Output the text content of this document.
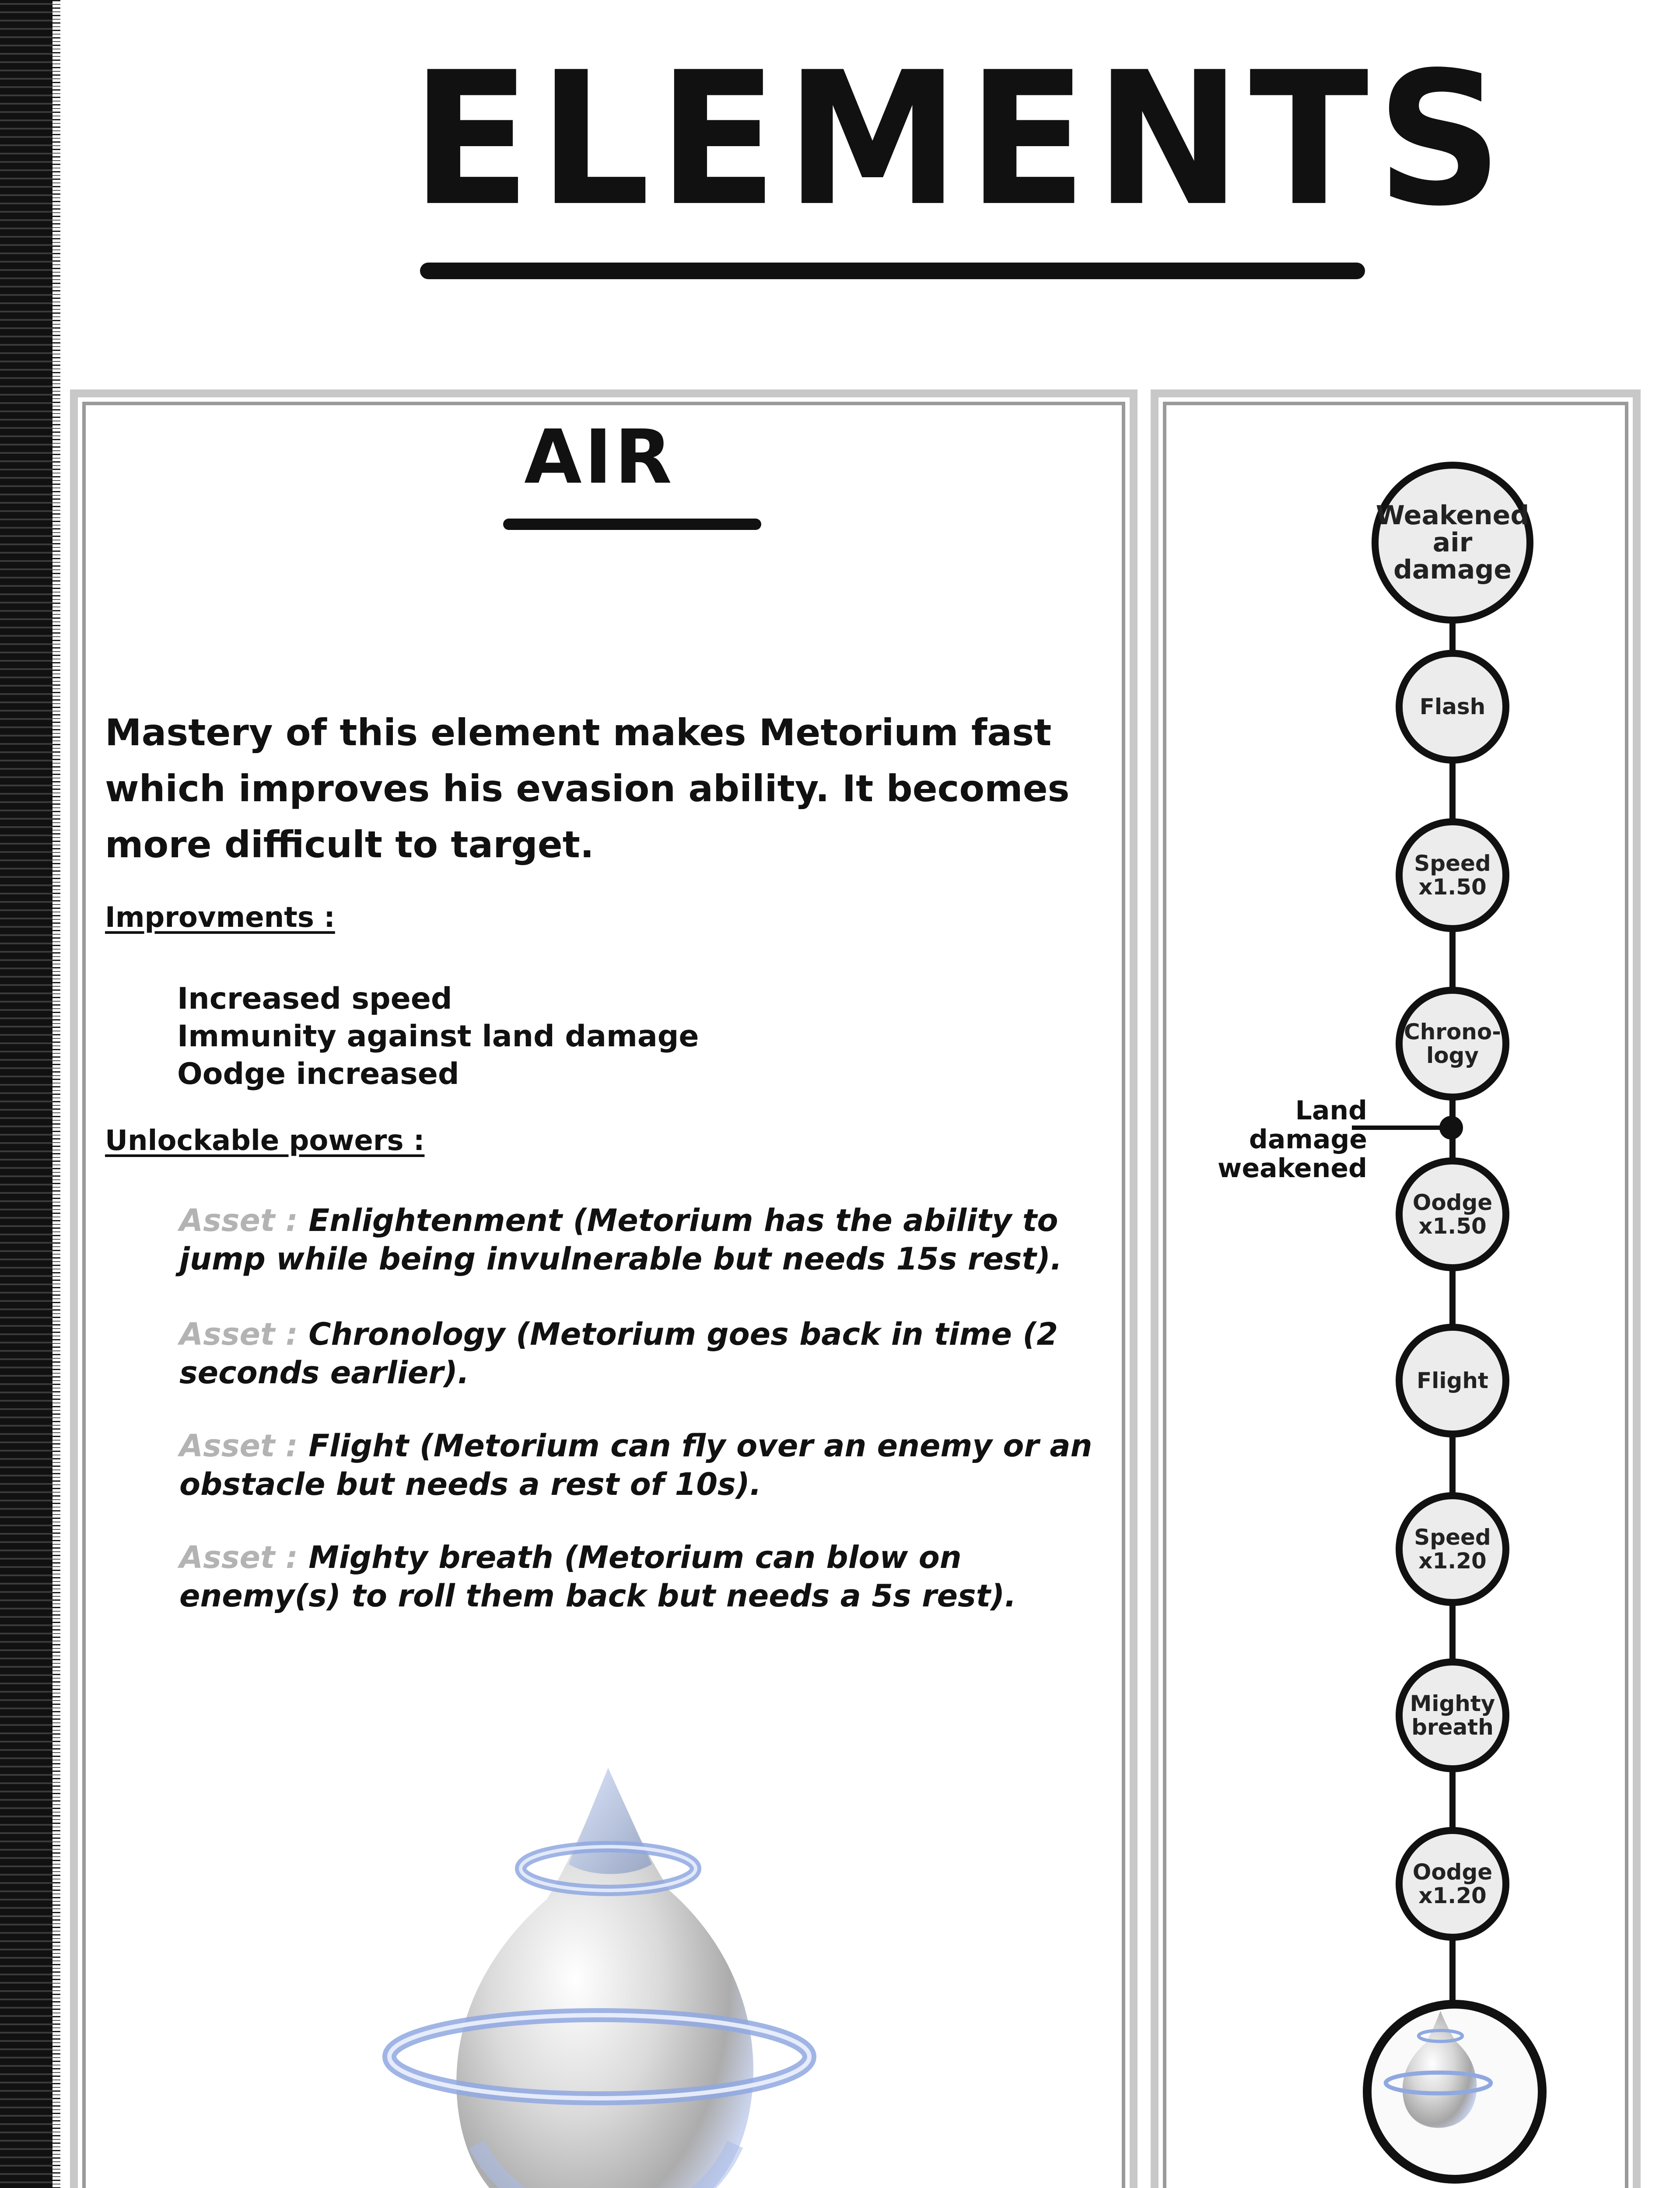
ELEMENTS
AIR
Mastery of this element makes Metorium fast which improves his evasion ability. It becomes more difficult to target.
Improvments :
Increased speed
Immunity against land damage
Oodge increased
Unlockable powers :
Asset : Enlightenment (Metorium has the ability to jump while being invulnerable but needs 15s rest).
Asset : Chronology (Metorium goes back in time (2 seconds earlier).
Asset : Flight (Metorium can fly over an enemy or an obstacle but needs a rest of 10s).
Asset : Mighty breath (Metorium can blow on enemy(s) to roll them back but needs a 5s rest).
Weakened air damage
Flash
Speed x1.50
Chrono-logy
Oodge x1.50
Flight
Speed x1.20
Mighty breath
Oodge x1.20
Land damage weakened
